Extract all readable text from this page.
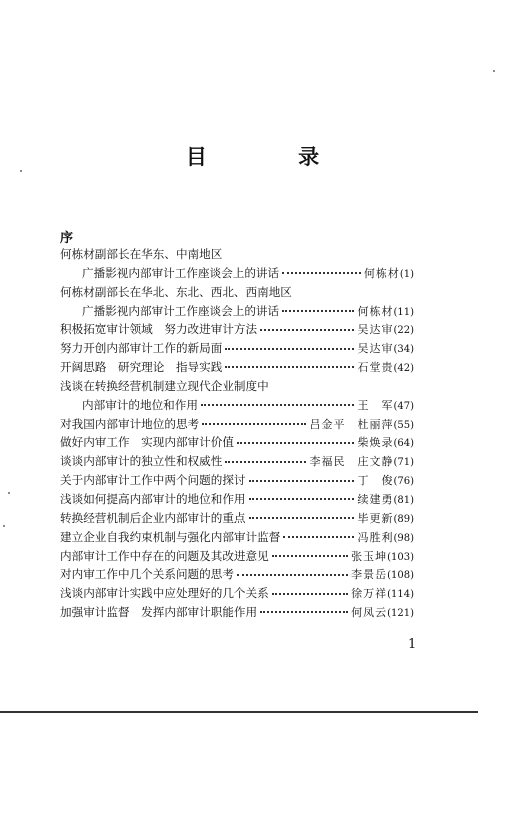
目 录
序
何栋材副部长在华东、中南地区
广播影视内部审计工作座谈会上的讲话	何栋材 (1)
何栋材副部长在华北、东北、西北、西南地区
广播影视内部审计工作座谈会上的讲话	何栋材 (11)
积极拓宽审计领域　努力改进审计方法	吴达审 (22)
努力开创内部审计工作的新局面	吴达审 (34)
开阔思路　研究理论　指导实践	石堂贵 (42)
浅谈在转换经营机制建立现代企业制度中
内部审计的地位和作用	王　军 (47)
对我国内部审计地位的思考	吕金平 杜丽萍 (55)
做好内审工作　实现内部审计价值	柴焕录 (64)
谈谈内部审计的独立性和权威性	李福民 庄文静 (71)
关于内部审计工作中两个问题的探讨	丁　俊 (76)
浅谈如何提高内部审计的地位和作用	续建勇 (81)
转换经营机制后企业内部审计的重点	毕更新 (89)
建立企业自我约束机制与强化内部审计监督	冯胜利 (98)
内部审计工作中存在的问题及其改进意见	张玉坤 (103)
对内审工作中几个关系问题的思考	李景岳 (108)
浅谈内部审计实践中应处理好的几个关系	徐万祥 (114)
加强审计监督　发挥内部审计职能作用	何凤云 (121)
1
